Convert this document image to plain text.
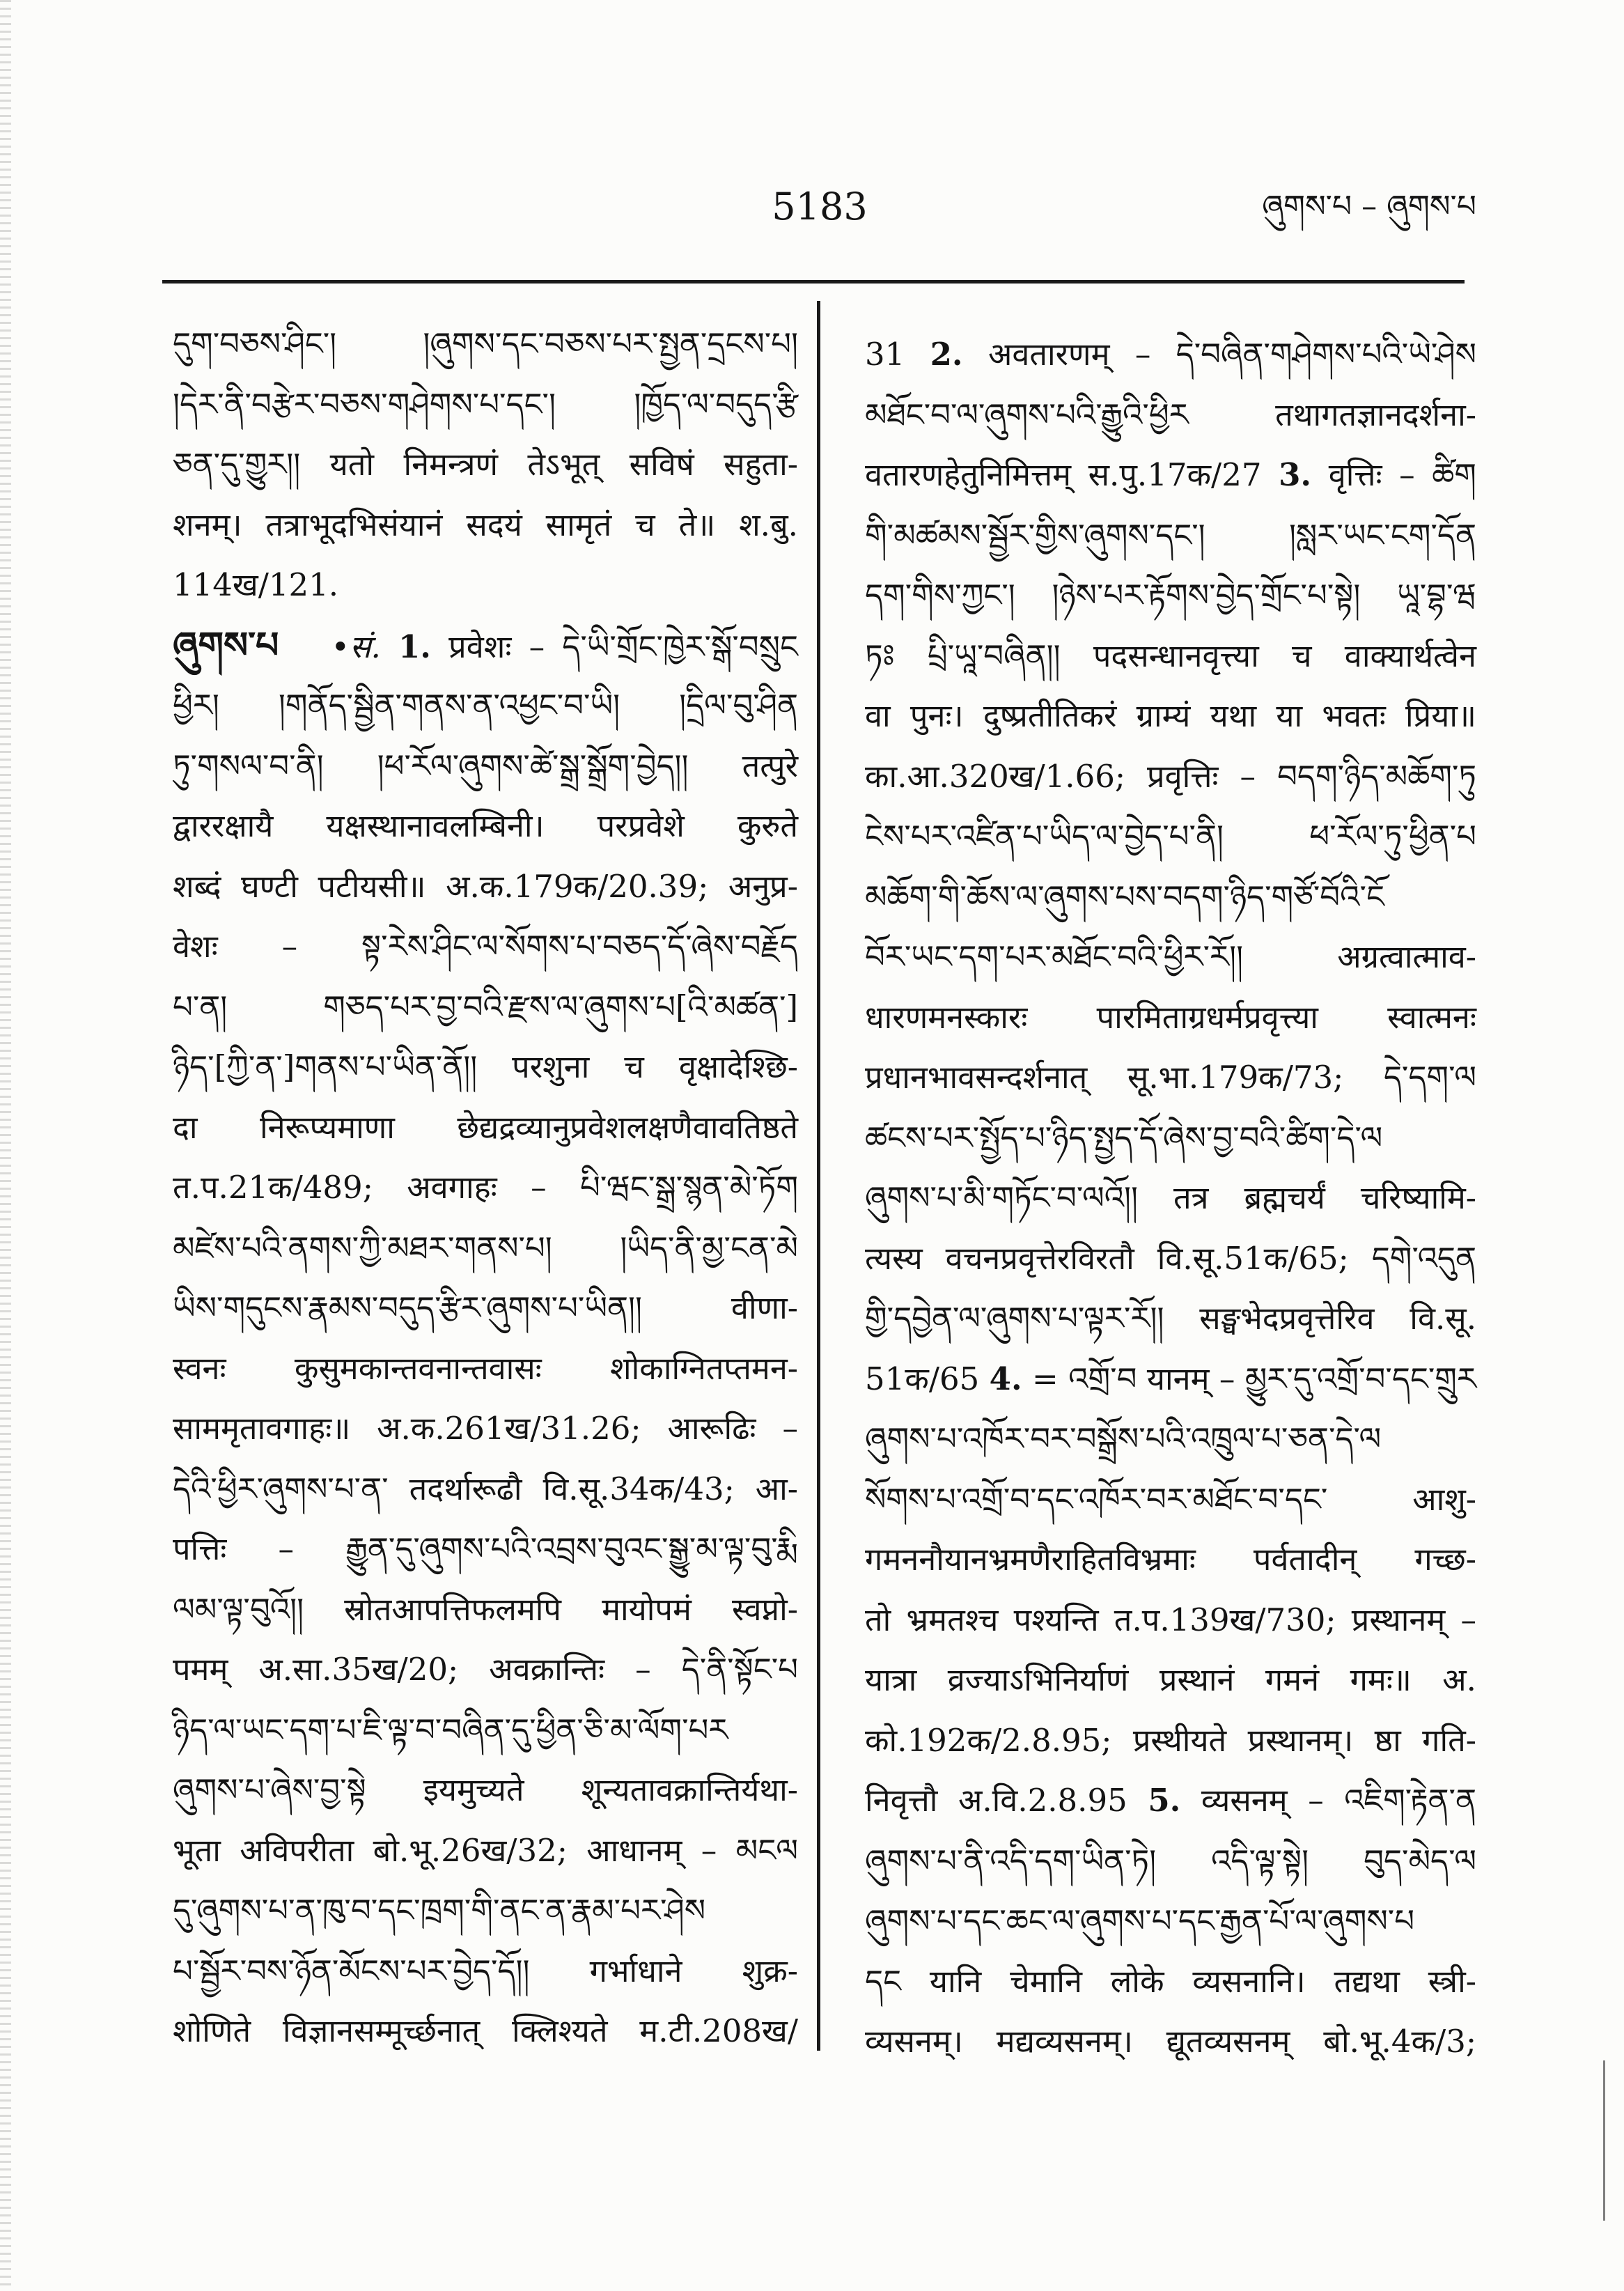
5183	ཞུགས་པ – ཞུགས་པ
དུག་བཅས་ཤིང་། །ཞུགས་དང་བཅས་པར་སྤྱན་དྲངས་པ།
།དེར་ནི་བརྩེར་བཅས་གཤེགས་པ་དང་། །ཁྱོད་ལ་བདུད་རྩི
ཅན་དུ་གྱུར།། यतो निमन्त्रणं तेऽभूत् सविषं सहुता-
शनम्। तत्राभूदभिसंयानं सदयं सामृतं च ते॥ श.बु.
114ख/121.
ཞུགས་པ •सं. 1. प्रवेशः – དེ་ཡི་གྲོང་ཁྱེར་སྒོ་བསྲུང
ཕྱིར། །གནོད་སྦྱིན་གནས་ན་འཕྱང་བ་ཡི། །དྲིལ་བུ་ཤིན
ཏུ་གསལ་བ་ནི། །ཕ་རོལ་ཞུགས་ཚེ་སྒྲ་སྒྲོག་བྱེད།། तत्पुरे
द्वाररक्षायै यक्षस्थानावलम्बिनी। परप्रवेशे कुरुते
शब्दं घण्टी पटीयसी॥ अ.क.179क/20.39; अनुप्र-
वेशः – སྟ་རེས་ཤིང་ལ་སོགས་པ་བཅད་དོ་ཞེས་བརྗོད
པ་ན། གཅད་པར་བྱ་བའི་རྫས་ལ་ཞུགས་པ[འི་མཚན་]
ཉིད་[ཀྱི་ན་]གནས་པ་ཡིན་ནོ།། परशुना च वृक्षादेश्छि-
दा निरूप्यमाणा छेद्यद्रव्यानुप्रवेशलक्षणैवावतिष्ठते
त.प.21क/489; अवगाहः – པི་ཝང་སྒྲ་སྙན་མེ་ཏོག
མཛེས་པའི་ནགས་ཀྱི་མཐར་གནས་པ། །ཡིད་ནི་མྱ་ངན་མེ
ཡིས་གདུངས་རྣམས་བདུད་རྩིར་ཞུགས་པ་ཡིན།། वीणा-
स्वनः कुसुमकान्तवनान्तवासः शोकाग्नितप्तमन-
साममृतावगाहः॥ अ.क.261ख/31.26; आरूढिः –
དེའི་ཕྱིར་ཞུགས་པ་ན་ तदर्थारूढौ वि.सू.34क/43; आ-
पत्तिः – རྒྱུན་དུ་ཞུགས་པའི་འབྲས་བུའང་སྒྱུ་མ་ལྟ་བུ་རྨི
ལམ་ལྟ་བུའོ།། स्रोतआपत्तिफलमपि मायोपमं स्वप्नो-
पमम् अ.सा.35ख/20; अवक्रान्तिः – དེ་ནི་སྟོང་པ
ཉིད་ལ་ཡང་དག་པ་ཇི་ལྟ་བ་བཞིན་དུ་ཕྱིན་ཅི་མ་ལོག་པར
ཞུགས་པ་ཞེས་བྱ་སྟེ इयमुच्यते शून्यतावक्रान्तिर्यथा-
भूता अविपरीता बो.भू.26ख/32; आधानम् – མངལ
དུ་ཞུགས་པ་ན་ཁུ་བ་དང་ཁྲག་གི་ནང་ན་རྣམ་པར་ཤེས
པ་སྦྱོར་བས་ཉོན་མོངས་པར་བྱེད་དོ།། गर्भाधाने शुक्र-
शोणिते विज्ञानसम्मूर्च्छनात् क्लिश्यते म.टी.208ख/
31 2. अवतारणम् – དེ་བཞིན་གཤེགས་པའི་ཡེ་ཤེས
མཐོང་བ་ལ་ཞུགས་པའི་རྒྱུའི་ཕྱིར तथागतज्ञानदर्शना-
वतारणहेतुनिमित्तम् स.पु.17क/27 3. वृत्तिः – ཚིག
གི་མཚམས་སྦྱོར་གྱིས་ཞུགས་དང་། །སླར་ཡང་ངག་དོན
དག་གིས་ཀྱང་། །ཉེས་པར་རྟོགས་བྱེད་གྲོང་པ་སྟེ། ཡཱ་བྷ་ཝ
ཏཿ པྲི་ཡཱ་བཞིན།། पदसन्धानवृत्त्या च वाक्यार्थत्वेन
वा पुनः। दुष्प्रतीतिकरं ग्राम्यं यथा या भवतः प्रिया॥
का.आ.320ख/1.66; प्रवृत्तिः – བདག་ཉིད་མཆོག་ཏུ
ངེས་པར་འཛིན་པ་ཡིད་ལ་བྱེད་པ་ནི། ཕ་རོལ་ཏུ་ཕྱིན་པ
མཆོག་གི་ཆོས་ལ་ཞུགས་པས་བདག་ཉིད་གཙོ་བོའི་ངོ
བོར་ཡང་དག་པར་མཐོང་བའི་ཕྱིར་རོ།། अग्रत्वात्माव-
धारणमनस्कारः पारमिताग्रधर्मप्रवृत्त्या स्वात्मनः
प्रधानभावसन्दर्शनात् सू.भा.179क/73; དེ་དག་ལ
ཚངས་པར་སྤྱོད་པ་ཉིད་སྤྱད་དོ་ཞེས་བྱ་བའི་ཚིག་དེ་ལ
ཞུགས་པ་མི་གཏོང་བ་ལའོ།། तत्र ब्रह्मचर्यं चरिष्यामि-
त्यस्य वचनप्रवृत्तेरविरतौ वि.सू.51क/65; དགེ་འདུན
གྱི་དབྱེན་ལ་ཞུགས་པ་ལྟར་རོ།། सङ्घभेदप्रवृत्तेरिव वि.सू.
51क/65 4. = འགྲོ་བ यानम् – མྱུར་དུ་འགྲོ་བ་དང་གྲུར
ཞུགས་པ་འཁོར་བར་བསྒྲོས་པའི་འཁྲུལ་པ་ཅན་དེ་ལ
སོགས་པ་འགྲོ་བ་དང་འཁོར་བར་མཐོང་བ་དང་ आशु-
गमननौयानभ्रमणैराहितविभ्रमाः पर्वतादीन् गच्छ-
तो भ्रमतश्च पश्यन्ति त.प.139ख/730; प्रस्थानम् –
यात्रा व्रज्याऽभिनिर्याणं प्रस्थानं गमनं गमः॥ अ.
को.192क/2.8.95; प्रस्थीयते प्रस्थानम्। ष्ठा गति-
निवृत्तौ अ.वि.2.8.95 5. व्यसनम् – འཇིག་རྟེན་ན
ཞུགས་པ་ནི་འདི་དག་ཡིན་ཏེ། འདི་ལྟ་སྟེ། བུད་མེད་ལ
ཞུགས་པ་དང་ཆང་ལ་ཞུགས་པ་དང་རྒྱན་པོ་ལ་ཞུགས་པ
དང यानि चेमानि लोके व्यसनानि। तद्यथा स्त्री-
व्यसनम्। मद्यव्यसनम्। द्यूतव्यसनम् बो.भू.4क/3;
